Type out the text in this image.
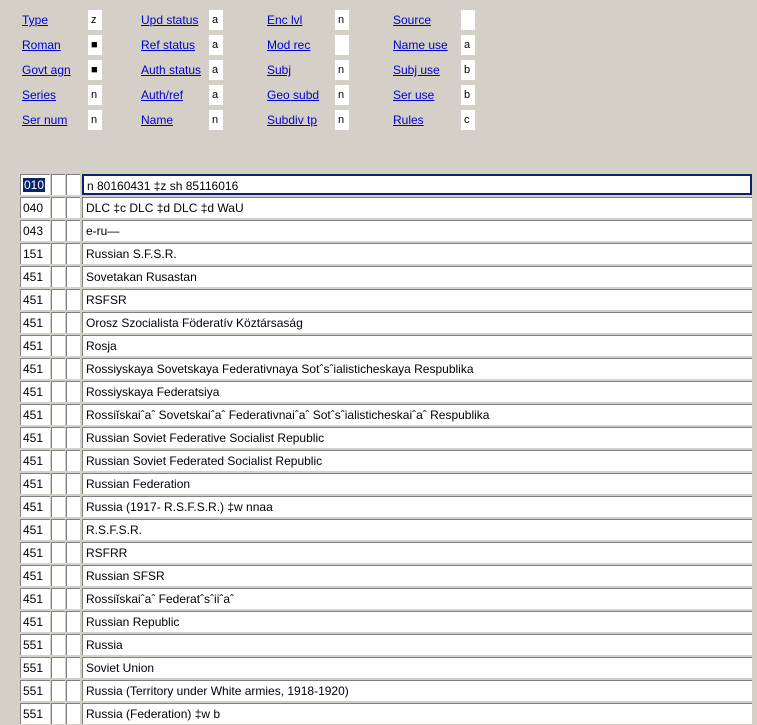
Type	z	Upd status a	Enc lvl	n	Source
Roman	■	Ref status a	Mod rec	Name use a
Govt agn ■	Auth status a	Subj	n	Subj use b
Series	n	Auth/ref	a	Geo subd n	Ser use	b
Ser num n	Name	n	Subdiv tp n	Rules	c
010	n 80160431 ‡z sh 85116016
040	DLC ‡c DLC ‡d DLC ‡d WaU
043	e-ru—
151	Russian S.F.S.R.
451	Sovetakan Rusastan
451	RSFSR
451	Orosz Szocialista Föderatív Köztársaság
451	Rosja
451	Rossiyskaya Sovetskaya Federativnaya Sotˆsˆialisticheskaya Respublika
451	Rossiyskaya Federatsiya
451	Rossiĭskaiˆaˆ Sovetskaiˆaˆ Federativnaiˆaˆ Sotˆsˆialisticheskaiˆaˆ Respublika
451	Russian Soviet Federative Socialist Republic
451	Russian Soviet Federated Socialist Republic
451	Russian Federation
451	Russia (1917- R.S.F.S.R.) ‡w nnaa
451	R.S.F.S.R.
451	RSFRR
451	Russian SFSR
451	Rossiĭskaiˆaˆ Federatˆsˆiiˆaˆ
451	Russian Republic
551	Russia
551	Soviet Union
551	Russia (Territory under White armies, 1918-1920)
551	Russia (Federation) ‡w b
